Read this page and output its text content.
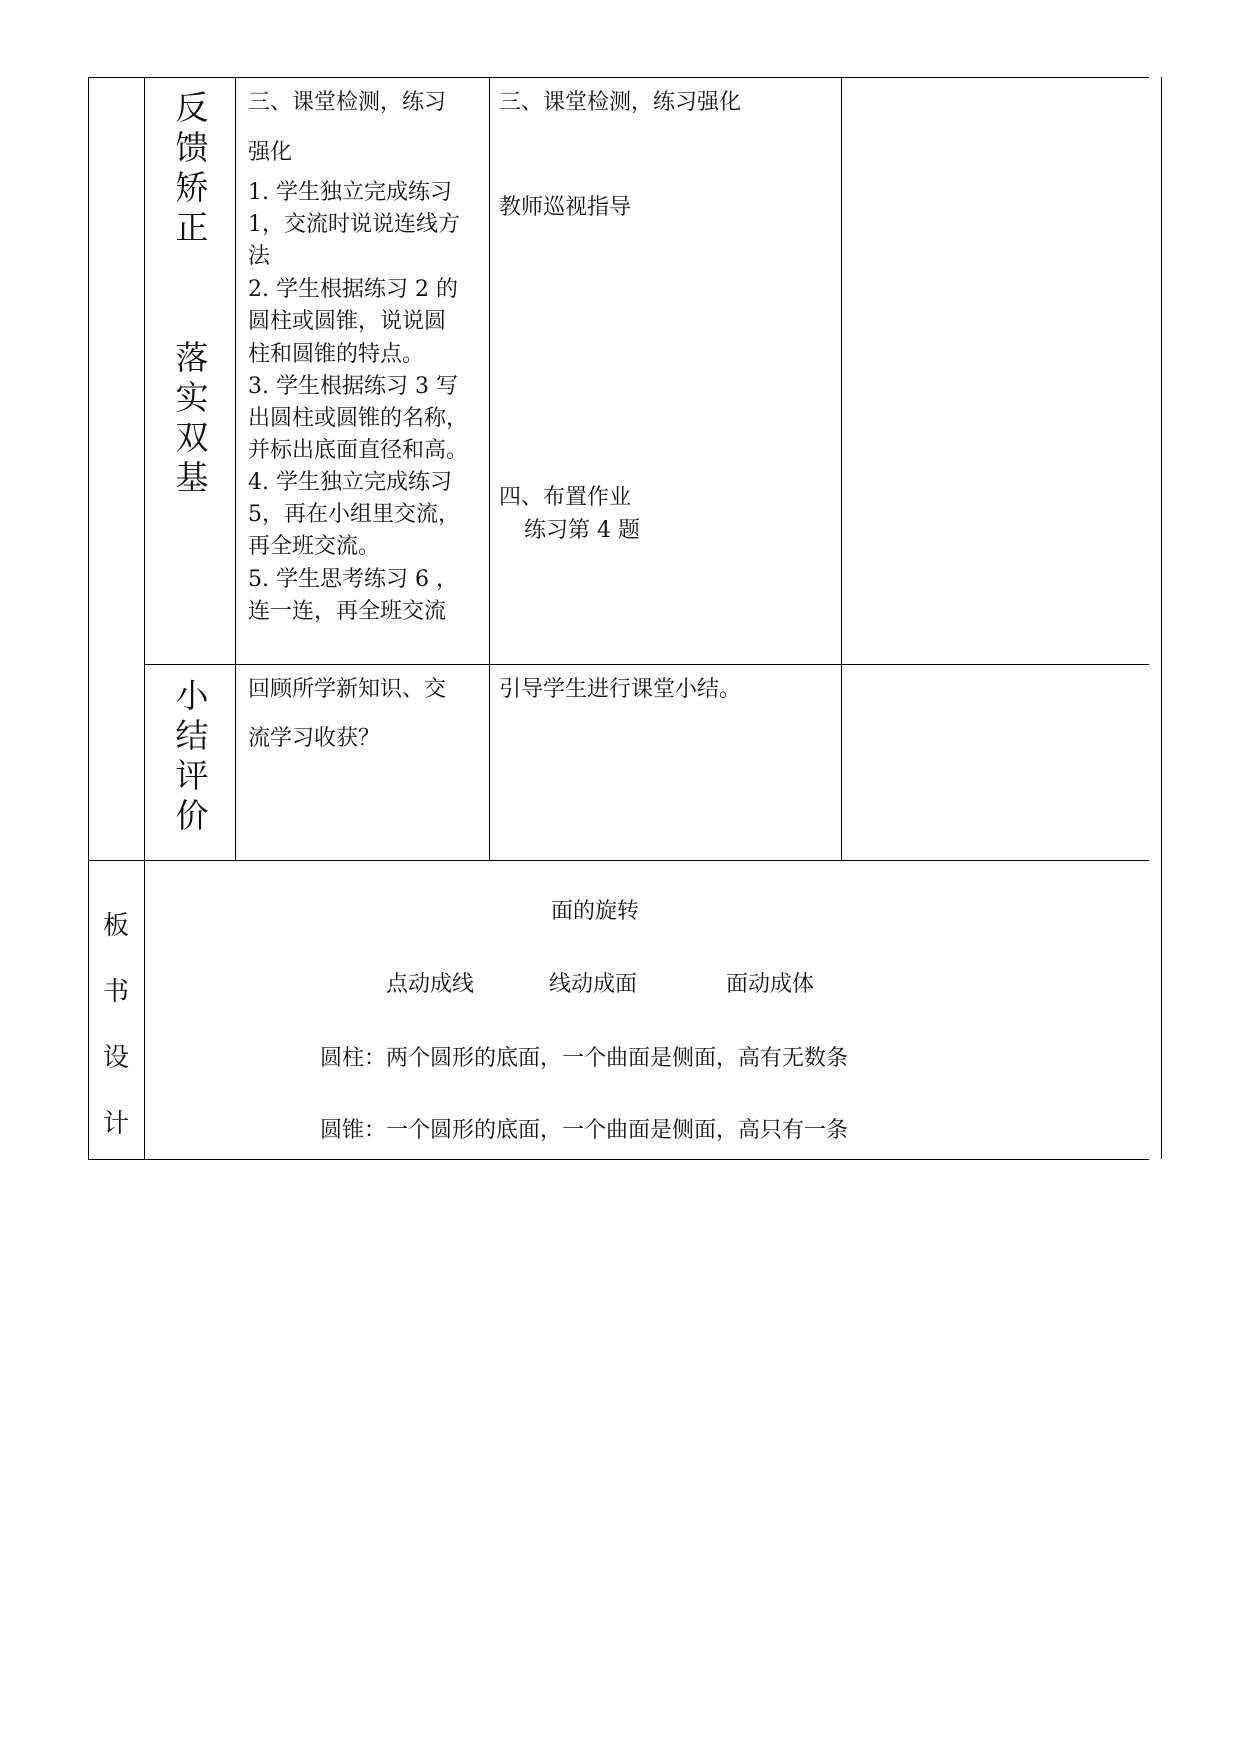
反
馈
矫
正
落
实
双
基
三、课堂检测，练习
强化
1. 学生独立完成练习
1，交流时说说连线方
法
2. 学生根据练习 2 的
圆柱或圆锥，说说圆
柱和圆锥的特点。
3. 学生根据练习 3 写
出圆柱或圆锥的名称，
并标出底面直径和高。
4. 学生独立完成练习
5，再在小组里交流，
再全班交流。
5. 学生思考练习 6 ，
连一连，再全班交流
三、课堂检测，练习强化
教师巡视指导
四、布置作业
练习第 4 题
小
结
评
价
回顾所学新知识、交
流学习收获？
引导学生进行课堂小结。
板
书
设
计
面的旋转
点动成线	线动成面	面动成体
圆柱：两个圆形的底面，一个曲面是侧面，高有无数条
圆锥：一个圆形的底面，一个曲面是侧面，高只有一条
